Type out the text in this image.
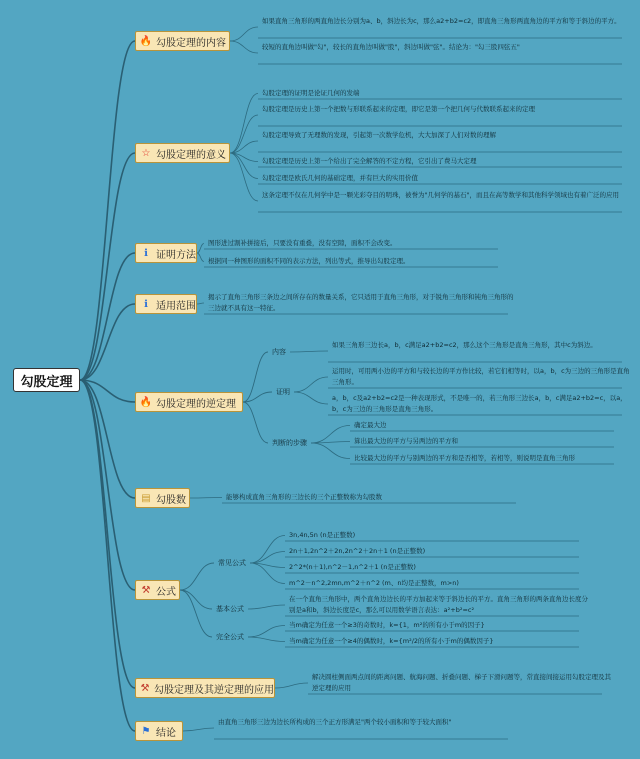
勾股定理
🔥 勾股定理的内容
如果直角三角形的两直角边长分别为a、b，斜边长为c，那么a2+b2=c2，即直角三角形两直角边的平方和等于斜边的平方。
较短的直角边叫做"勾"，较长的直角边叫做"股"，斜边叫做"弦"。结论为："勾三股四弦五"
☆ 勾股定理的意义
勾股定理的证明是论证几何的发端
勾股定理是历史上第一个把数与形联系起来的定理，即它是第一个把几何与代数联系起来的定理
勾股定理导致了无理数的发现，引起第一次数学危机，大大加深了人们对数的理解
勾股定理是历史上第一个给出了完全解答的不定方程，它引出了费马大定理
勾股定理是欧氏几何的基础定理，并有巨大的实用价值
这条定理不仅在几何学中是一颗光彩夺目的明珠，被誉为"几何学的基石"，而且在高等数学和其他科学领域也有着广泛的应用
ℹ 证明方法
图形进过割补拼接后，只要没有重叠，没有空隙，面积不会改变。
根据同一种图形的面积不同的表示方法，列出等式，推导出勾股定理。
ℹ 适用范围
揭示了直角三角形三条边之间所存在的数量关系，它只适用于直角三角形，对于锐角三角形和钝角三角形的三边就不具有这一特征。
🔥 勾股定理的逆定理
内容
如果三角形三边长a，b，c满足a2+b2=c2，那么这个三角形是直角三角形，其中c为斜边。
证明
运用时，可用两小边的平方和与较长边的平方作比较，若它们相等时，以a，b，c为三边的三角形是直角三角形。
a，b，c及a2+b2=c2是一种表现形式，不是唯一的，若三角形三边长a，b，c满足a2+b2=c，以a，b，c为三边的三角形是直角三角形。
判断的步骤
确定最大边
算出最大边的平方与另两边的平方和
比较最大边的平方与别两边的平方和是否相等，若相等，则说明是直角三角形
▤ 勾股数	能够构成直角三角形的三边长的三个正整数称为勾股数
⚒ 公式
常见公式
3n,4n,5n (n是正整数)
2n＋1,2n^2＋2n,2n^2＋2n＋1 (n是正整数)
2^2*(n＋1),n^2－1,n^2＋1 (n是正整数)
m^2－n^2,2mn,m^2＋n^2 (m、n均是正整数，m>n)
基本公式
在一个直角三角形中，两个直角边边长的平方加起来等于斜边长的平方。直角三角形的两条直角边长度分别是a和b，斜边长度是c，那么可以用数学语言表达：a²+b²=c²
完全公式
当m确定为任意一个≥3的奇数时，k={1，m²的所有小于m的因子}
当m确定为任意一个≥4的偶数时，k={m²/2的所有小于m的偶数因子}
⚒ 勾股定理及其逆定理的应用
解决圆柱侧面两点间的距离问题、航海问题、折叠问题、梯子下滑问题等，常直接间接运用勾股定理及其逆定理的应用
⚑ 结论
由直角三角形三边为边长所构成的三个正方形满足"两个较小面积和等于较大面积"
